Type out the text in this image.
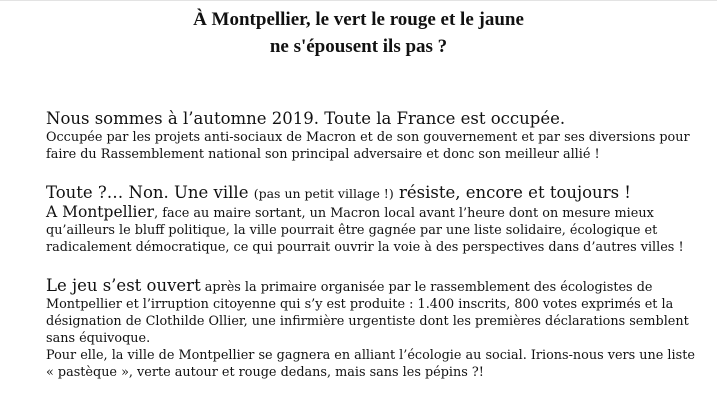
À Montpellier, le vert le rouge et le jaune
ne s'épousent ils pas ?

Nous sommes à l’automne 2019. Toute la France est occupée.

Occupée par les projets anti-sociaux de Macron et de son gouvernement et par ses diversions pour faire du Rassemblement national son principal adversaire et donc son meilleur allié !

Toute ?… Non. Une ville (pas un petit village !) résiste, encore et toujours !

A Montpellier, face au maire sortant, un Macron local avant l’heure dont on mesure mieux qu’ailleurs le bluff politique, la ville pourrait être gagnée par une liste solidaire, écologique et radicalement démocratique, ce qui pourrait ouvrir la voie à des perspectives dans d’autres villes !

Le jeu s’est ouvert après la primaire organisée par le rassemblement des écologistes de Montpellier et l’irruption citoyenne qui s’y est produite : 1.400 inscrits, 800 votes exprimés et la désignation de Clothilde Ollier, une infirmière urgentiste dont les premières déclarations semblent sans équivoque.

Pour elle, la ville de Montpellier se gagnera en alliant l’écologie au social. Irions-nous vers une liste « pastèque », verte autour et rouge dedans, mais sans les pépins ?!
